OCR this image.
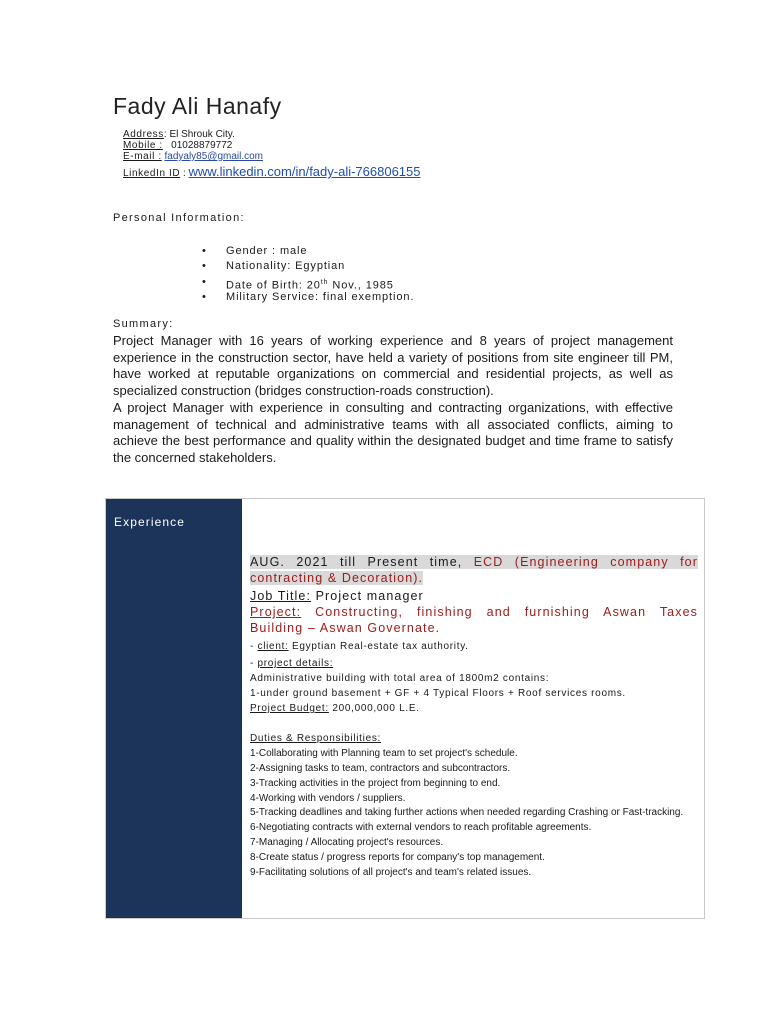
Fady Ali Hanafy
Address: El Shrouk City.
Mobile : 01028879772
E-mail : fadyaly85@gmail.com
LinkedIn ID : www.linkedin.com/in/fady-ali-766806155
Personal Information:
• Gender : male
• Nationality: Egyptian
• Date of Birth: 20th Nov., 1985
• Military Service: final exemption.
Summary:

Project Manager with 16 years of working experience and 8 years of project management experience in the construction sector, have held a variety of positions from site engineer till PM, have worked at reputable organizations on commercial and residential projects, as well as specialized construction (bridges construction-roads construction).

A project Manager with experience in consulting and contracting organizations, with effective management of technical and administrative teams with all associated conflicts, aiming to achieve the best performance and quality within the designated budget and time frame to satisfy the concerned stakeholders.

Experience
AUG. 2021 till Present time, ECD (Engineering company for contracting & Decoration).
Job Title: Project manager
Project: Constructing, finishing and furnishing Aswan Taxes Building – Aswan Governate.
- client: Egyptian Real-estate tax authority.
- project details:
Administrative building with total area of 1800m2 contains:
1-under ground basement + GF + 4 Typical Floors + Roof services rooms.
Project Budget: 200,000,000 L.E.
Duties & Responsibilities:
1-Collaborating with Planning team to set project's schedule.
2-Assigning tasks to team, contractors and subcontractors.
3-Tracking activities in the project from beginning to end.
4-Working with vendors / suppliers.
5-Tracking deadlines and taking further actions when needed regarding Crashing or Fast-tracking.
6-Negotiating contracts with external vendors to reach profitable agreements.
7-Managing / Allocating project's resources.
8-Create status / progress reports for company's top management.
9-Facilitating solutions of all project's and team's related issues.
